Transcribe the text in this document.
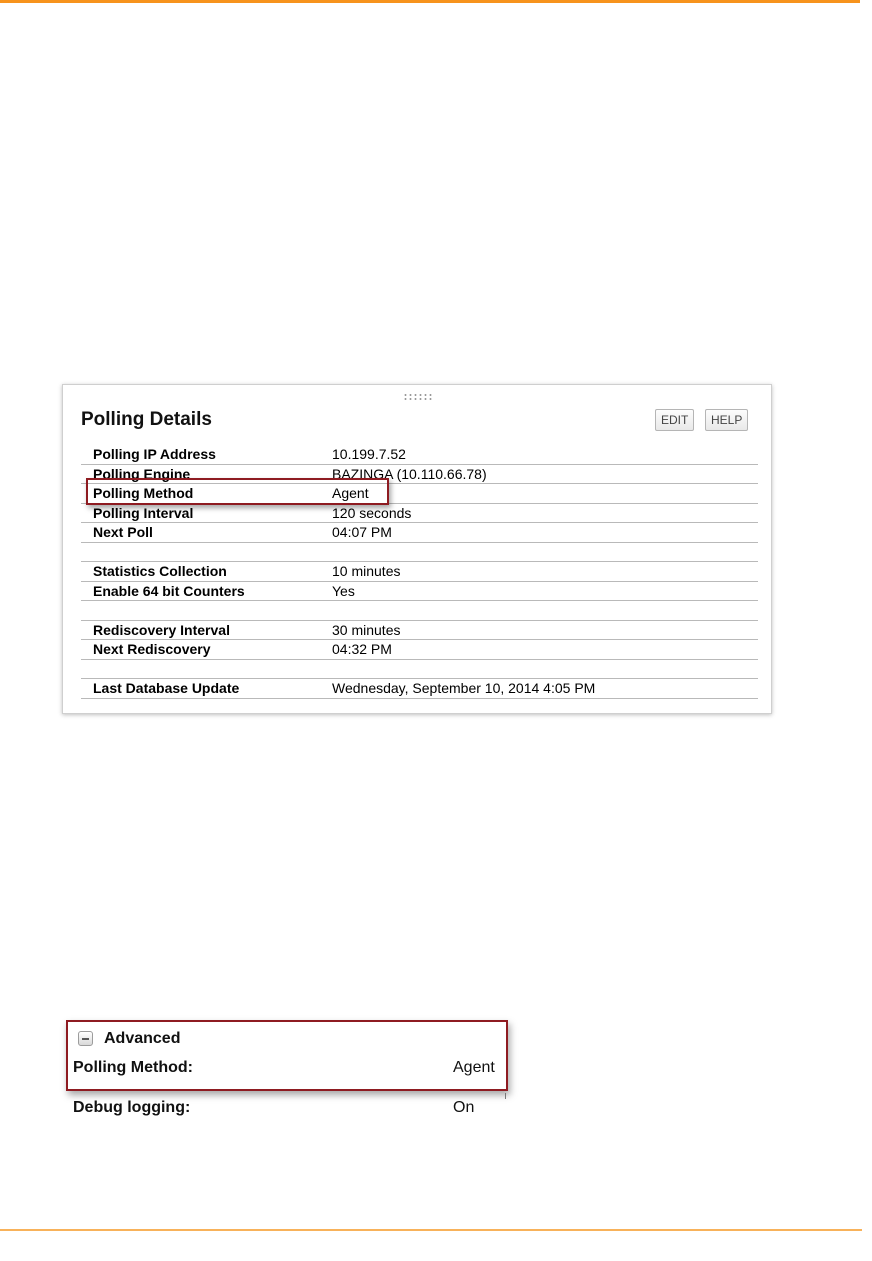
Polling Details	EDIT	HELP
Polling IP Address	10.199.7.52
Polling Engine	BAZINGA (10.110.66.78)
Polling Method	Agent
Polling Interval	120 seconds
Next Poll	04:07 PM
Statistics Collection	10 minutes
Enable 64 bit Counters	Yes
Rediscovery Interval	30 minutes
Next Rediscovery	04:32 PM
Last Database Update	Wednesday, September 10, 2014 4:05 PM
Advanced
Polling Method:	Agent
Debug logging:	On
